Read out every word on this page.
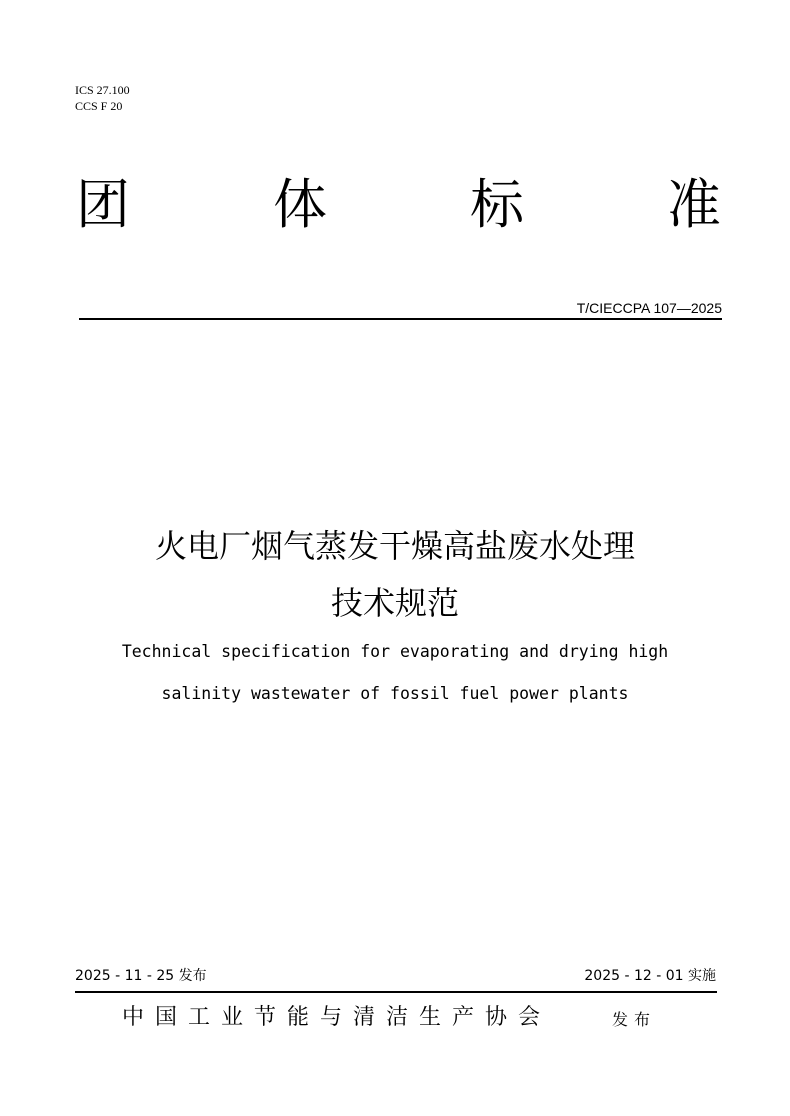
ICS 27.100
CCS F 20
团	体	标	准
T/CIECCPA 107—2025
火电厂烟气蒸发干燥高盐废水处理
技术规范
Technical specification for evaporating and drying high
salinity wastewater of fossil fuel power plants
2025 - 11 - 25 发布	2025 - 12 - 01 实施
中国工业节能与清洁生产协会	发布
